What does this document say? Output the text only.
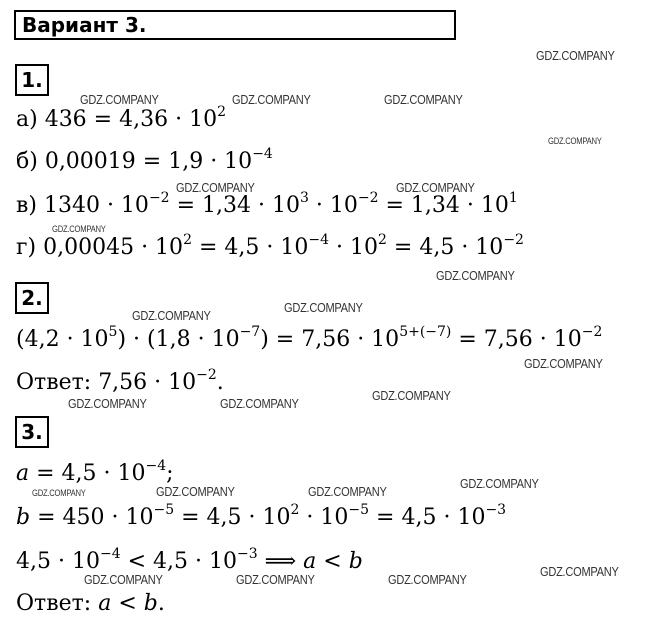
Вариант 3.
1.
а) $436 = 4,36 \cdot 10^2$
б) $0,00019 = 1,9 \cdot 10^{-4}$
в) $1340 \cdot 10^{-2} = 1,34 \cdot 10^3 \cdot 10^{-2} = 1,34 \cdot 10^1$
г) $0,00045 \cdot 10^2 = 4,5 \cdot 10^{-4} \cdot 10^2 = 4,5 \cdot 10^{-2}$
2.
$(4,2 \cdot 10^5) \cdot (1,8 \cdot 10^{-7}) = 7,56 \cdot 10^{5+(-7)} = 7,56 \cdot 10^{-2}$
Ответ: $7,56 \cdot 10^{-2}$.
3.
$a = 4,5 \cdot 10^{-4}$;
$b = 450 \cdot 10^{-5} = 4,5 \cdot 10^2 \cdot 10^{-5} = 4,5 \cdot 10^{-3}$
$4,5 \cdot 10^{-4} < 4,5 \cdot 10^{-3}$ ⟹ a < b
Ответ: a < b.
GDZ.COMPANY
GDZ.COMPANY	GDZ.COMPANY	GDZ.COMPANY
GDZ.COMPANY
GDZ.COMPANY	GDZ.COMPANY
GDZ.COMPANY
GDZ.COMPANY
GDZ.COMPANY
GDZ.COMPANY
GDZ.COMPANY
GDZ.COMPANY
GDZ.COMPANY	GDZ.COMPANY
GDZ.COMPANY
GDZ.COMPANY	GDZ.COMPANY
GDZ.COMPANY
GDZ.COMPANY
GDZ.COMPANY	GDZ.COMPANY	GDZ.COMPANY
